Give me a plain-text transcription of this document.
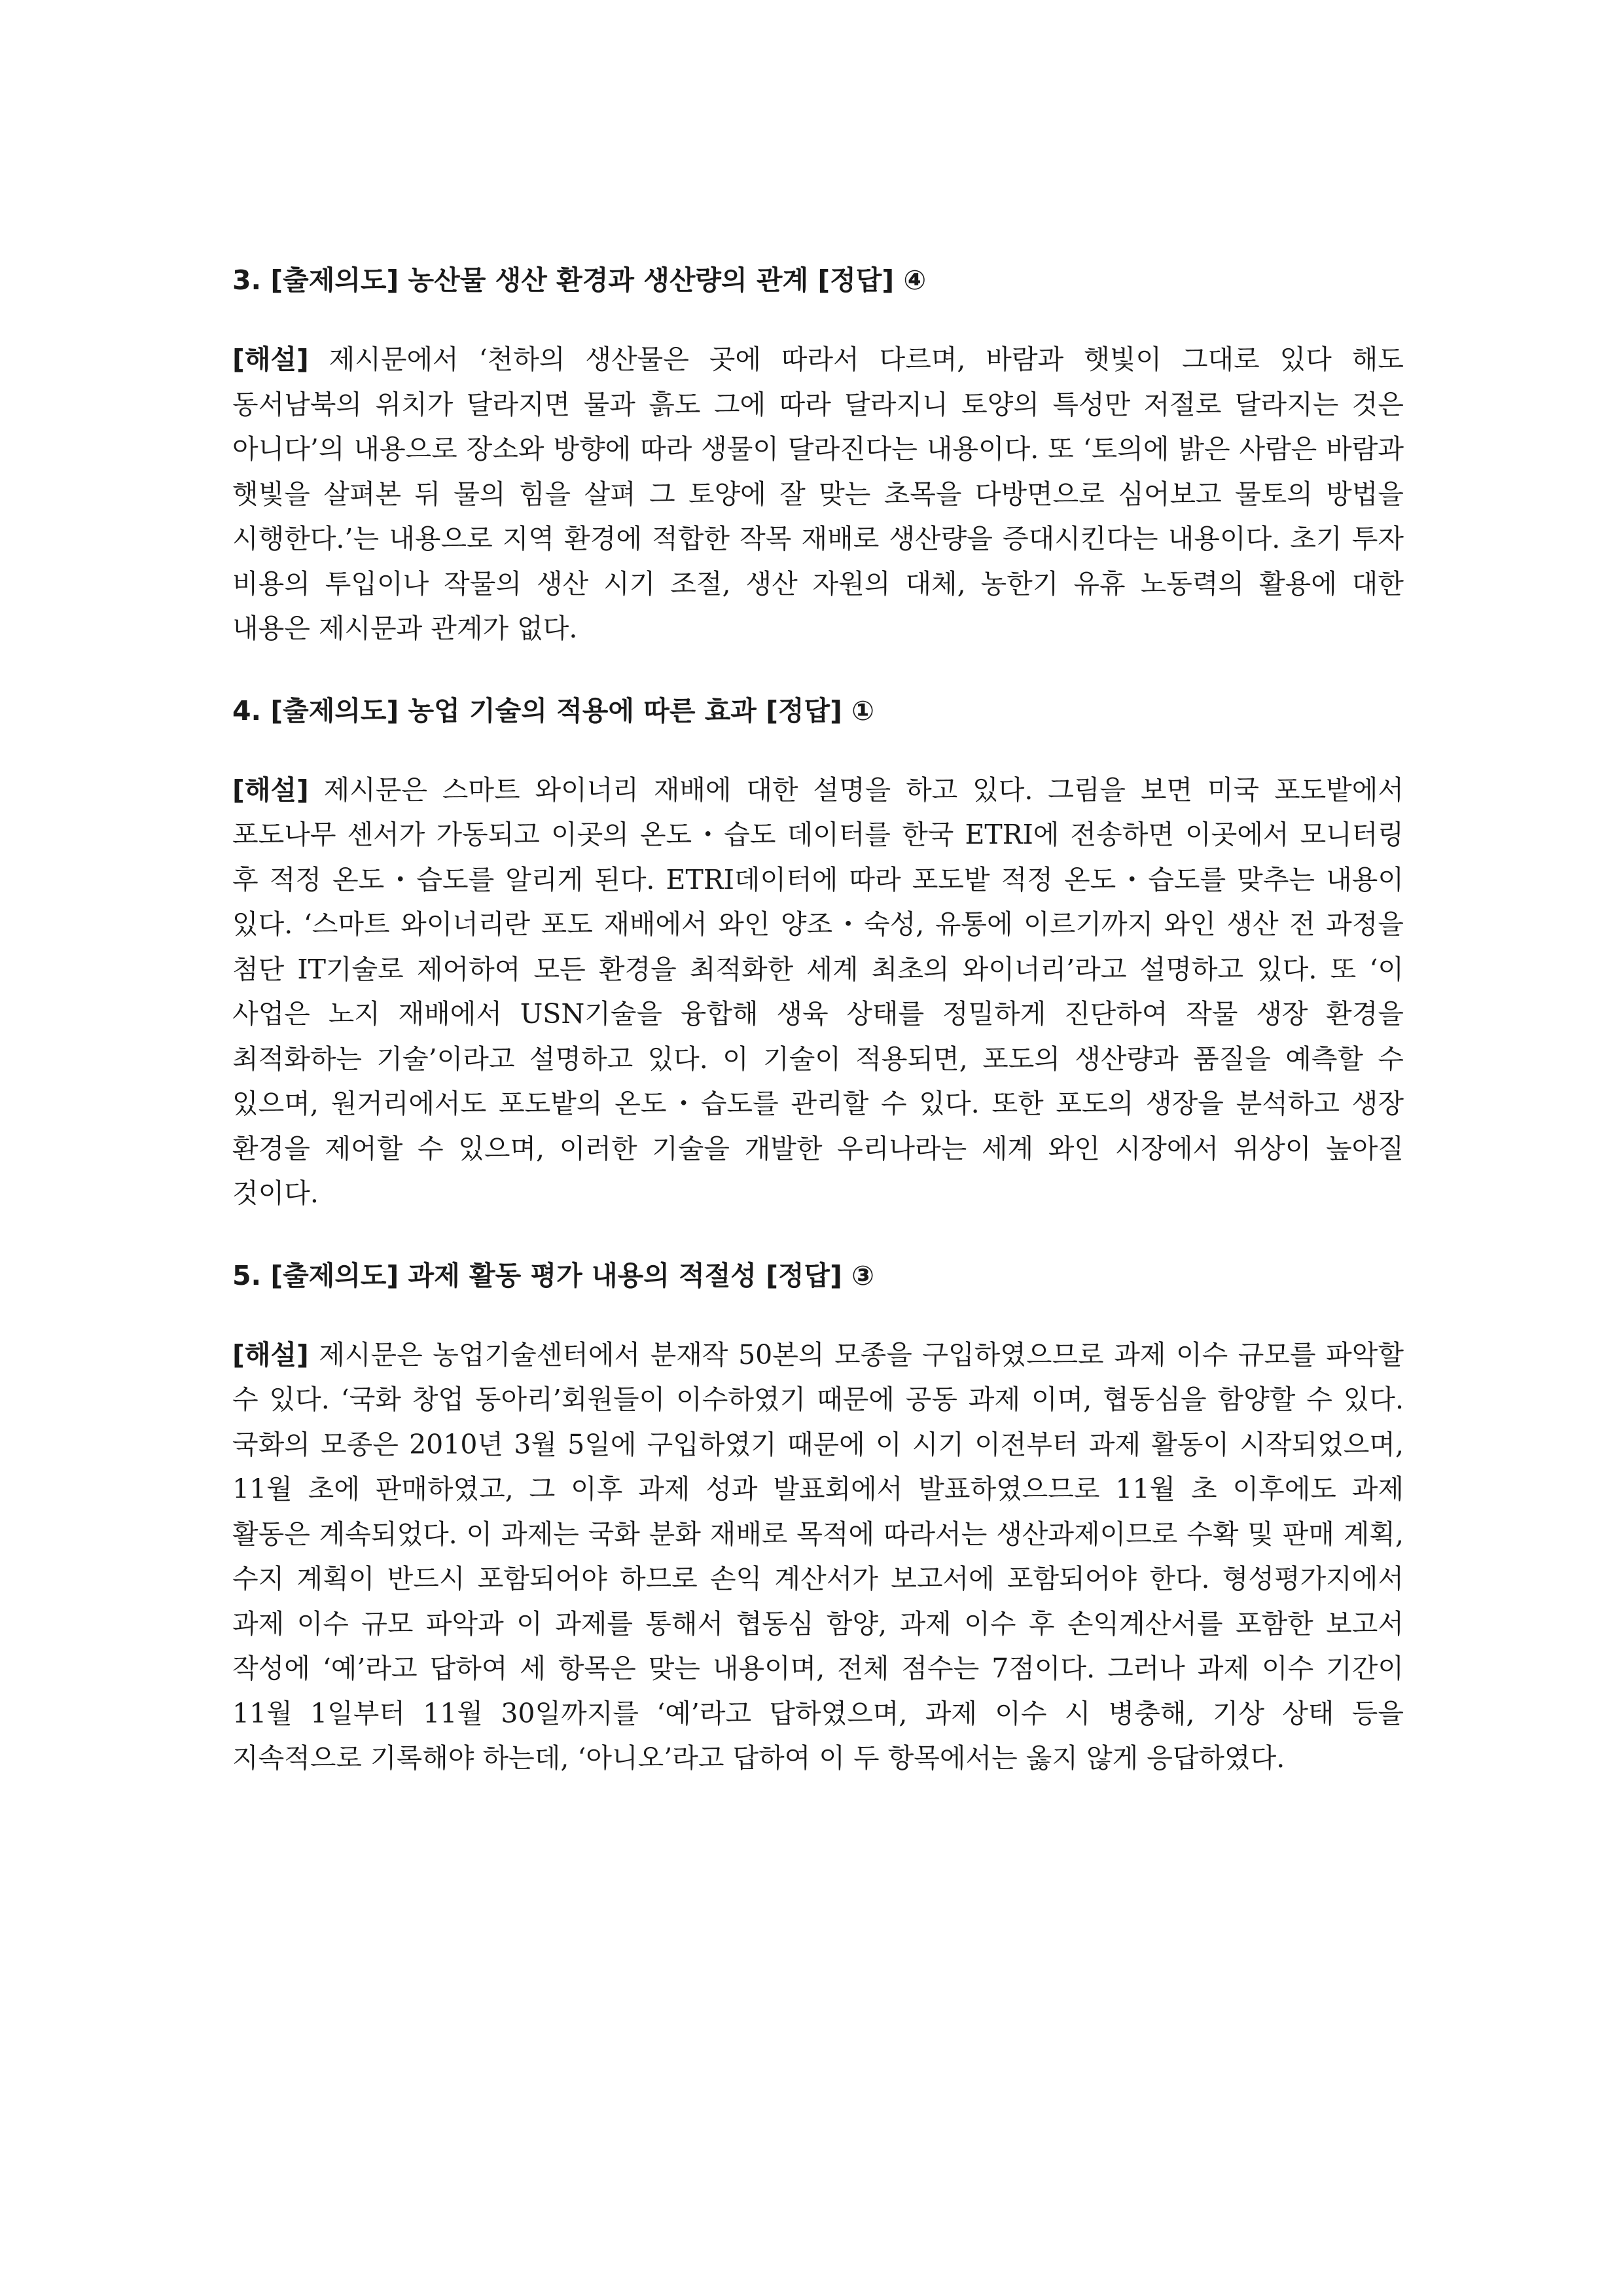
3. [출제의도] 농산물 생산 환경과 생산량의 관계 [정답] ④

[해설] 제시문에서 ‘천하의 생산물은 곳에 따라서 다르며, 바람과 햇빛이 그대로 있다 해도 동서남북의 위치가 달라지면 물과 흙도 그에 따라 달라지니 토양의 특성만 저절로 달라지는 것은 아니다’의 내용으로 장소와 방향에 따라 생물이 달라진다는 내용이다. 또 ‘토의에 밝은 사람은 바람과 햇빛을 살펴본 뒤 물의 힘을 살펴 그 토양에 잘 맞는 초목을 다방면으로 심어보고 물토의 방법을 시행한다.’는 내용으로 지역 환경에 적합한 작목 재배로 생산량을 증대시킨다는 내용이다. 초기 투자 비용의 투입이나 작물의 생산 시기 조절, 생산 자원의 대체, 농한기 유휴 노동력의 활용에 대한 내용은 제시문과 관계가 없다.

4. [출제의도] 농업 기술의 적용에 따른 효과 [정답] ①

[해설] 제시문은 스마트 와이너리 재배에 대한 설명을 하고 있다. 그림을 보면 미국 포도밭에서 포도나무 센서가 가동되고 이곳의 온도・습도 데이터를 한국 ETRI에 전송하면 이곳에서 모니터링 후 적정 온도・습도를 알리게 된다. ETRI데이터에 따라 포도밭 적정 온도・습도를 맞추는 내용이 있다. ‘스마트 와이너리란 포도 재배에서 와인 양조・숙성, 유통에 이르기까지 와인 생산 전 과정을 첨단 IT기술로 제어하여 모든 환경을 최적화한 세계 최초의 와이너리’라고 설명하고 있다. 또 ‘이 사업은 노지 재배에서 USN기술을 융합해 생육 상태를 정밀하게 진단하여 작물 생장 환경을 최적화하는 기술’이라고 설명하고 있다. 이 기술이 적용되면, 포도의 생산량과 품질을 예측할 수 있으며, 원거리에서도 포도밭의 온도・습도를 관리할 수 있다. 또한 포도의 생장을 분석하고 생장 환경을 제어할 수 있으며, 이러한 기술을 개발한 우리나라는 세계 와인 시장에서 위상이 높아질 것이다.

5. [출제의도] 과제 활동 평가 내용의 적절성 [정답] ③

[해설] 제시문은 농업기술센터에서 분재작 50본의 모종을 구입하였으므로 과제 이수 규모를 파악할 수 있다. ‘국화 창업 동아리’회원들이 이수하였기 때문에 공동 과제 이며, 협동심을 함양할 수 있다. 국화의 모종은 2010년 3월 5일에 구입하였기 때문에 이 시기 이전부터 과제 활동이 시작되었으며, 11월 초에 판매하였고, 그 이후 과제 성과 발표회에서 발표하였으므로 11월 초 이후에도 과제 활동은 계속되었다. 이 과제는 국화 분화 재배로 목적에 따라서는 생산과제이므로 수확 및 판매 계획, 수지 계획이 반드시 포함되어야 하므로 손익 계산서가 보고서에 포함되어야 한다. 형성평가지에서 과제 이수 규모 파악과 이 과제를 통해서 협동심 함양, 과제 이수 후 손익계산서를 포함한 보고서 작성에 ‘예’라고 답하여 세 항목은 맞는 내용이며, 전체 점수는 7점이다. 그러나 과제 이수 기간이 11월 1일부터 11월 30일까지를 ‘예’라고 답하였으며, 과제 이수 시 병충해, 기상 상태 등을 지속적으로 기록해야 하는데, ‘아니오’라고 답하여 이 두 항목에서는 옳지 않게 응답하였다.
